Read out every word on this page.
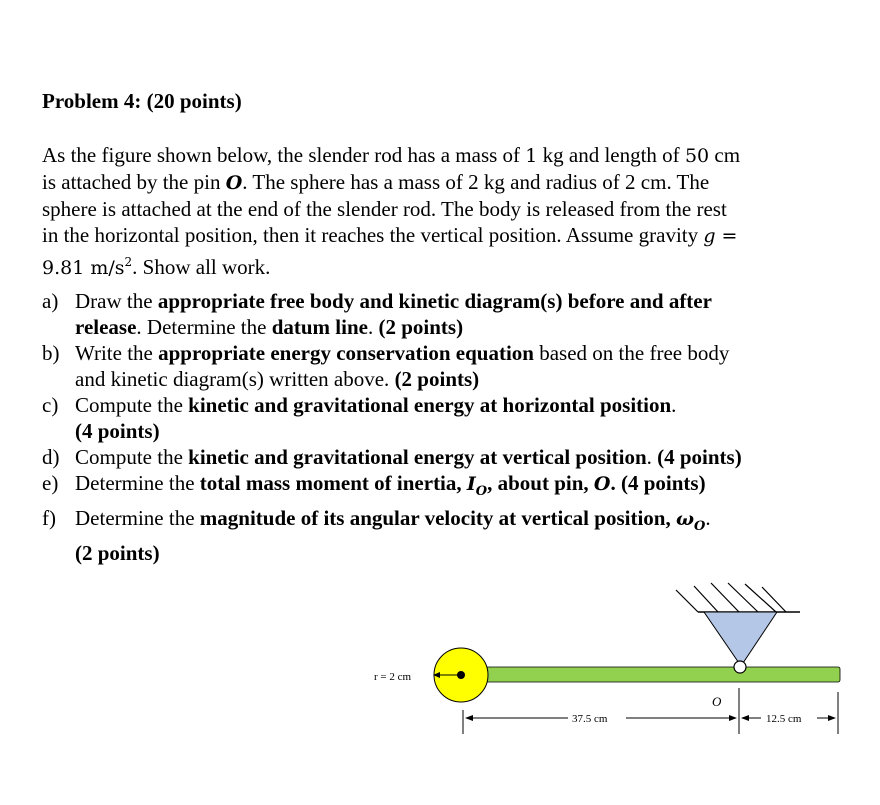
Problem 4: (20 points)
As the figure shown below, the slender rod has a mass of 1 kg and length of 50 cm
is attached by the pin O. The sphere has a mass of 2 kg and radius of 2 cm. The
sphere is attached at the end of the slender rod. The body is released from the rest
in the horizontal position, then it reaches the vertical position. Assume gravity g =
9.81 $m/s^2$. Show all work.
a) Draw the appropriate free body and kinetic diagram(s) before and after
release. Determine the datum line. (2 points)
b) Write the appropriate energy conservation equation based on the free body
and kinetic diagram(s) written above. (2 points)
c) Compute the kinetic and gravitational energy at horizontal position.
(4 points)
d) Compute the kinetic and gravitational energy at vertical position. (4 points)
e) Determine the total mass moment of inertia, $I_O$, about pin, O. (4 points)
f) Determine the magnitude of its angular velocity at vertical position, $\omega_O$.
(2 points)
r = 2 cm
O
37.5 cm	12.5 cm
